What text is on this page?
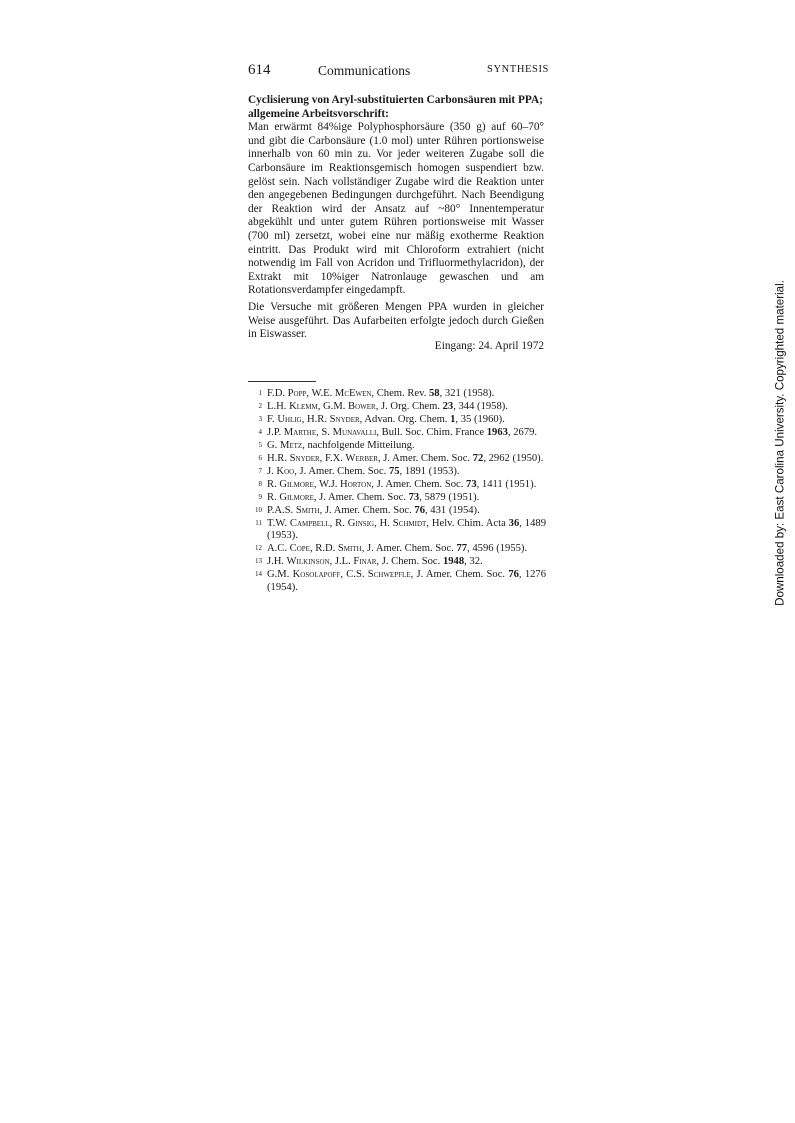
614	Communications	SYNTHESIS

Cyclisierung von Aryl-substituierten Carbonsäuren mit PPA; allgemeine Arbeitsvorschrift:

Man erwärmt 84%ige Polyphosphorsäure (350 g) auf 60–70° und gibt die Carbonsäure (1.0 mol) unter Rühren portionsweise innerhalb von 60 min zu. Vor jeder weiteren Zugabe soll die Carbonsäure im Reaktionsgemisch homogen suspendiert bzw. gelöst sein. Nach vollständiger Zugabe wird die Reaktion unter den angegebenen Bedingungen durchgeführt. Nach Beendigung der Reaktion wird der Ansatz auf ~80° Innentemperatur abgekühlt und unter gutem Rühren portionsweise mit Wasser (700 ml) zersetzt, wobei eine nur mäßig exotherme Reaktion eintritt. Das Produkt wird mit Chloroform extrahiert (nicht notwendig im Fall von Acridon und Trifluormethylacridon), der Extrakt mit 10%iger Natronlauge gewaschen und am Rotationsverdampfer eingedampft.

Die Versuche mit größeren Mengen PPA wurden in gleicher Weise ausgeführt. Das Aufarbeiten erfolgte jedoch durch Gießen in Eiswasser.

Eingang: 24. April 1972
1 F.D. Popp, W.E. McEwen, Chem. Rev. 58, 321 (1958).
2 L.H. Klemm, G.M. Bower, J. Org. Chem. 23, 344 (1958).
3 F. Uhlig, H.R. Snyder, Advan. Org. Chem. 1, 35 (1960).
4 J.P. Marthe, S. Munavalli, Bull. Soc. Chim. France 1963, 2679.
5 G. Metz, nachfolgende Mitteilung.
6 H.R. Snyder, F.X. Werber, J. Amer. Chem. Soc. 72, 2962 (1950).
7 J. Koo, J. Amer. Chem. Soc. 75, 1891 (1953).
8 R. Gilmore, W.J. Horton, J. Amer. Chem. Soc. 73, 1411 (1951).
9 R. Gilmore, J. Amer. Chem. Soc. 73, 5879 (1951).
10 P.A.S. Smith, J. Amer. Chem. Soc. 76, 431 (1954).
11 T.W. Campbell, R. Ginsig, H. Schmidt, Helv. Chim. Acta 36, 1489 (1953).
12 A.C. Cope, R.D. Smith, J. Amer. Chem. Soc. 77, 4596 (1955).
13 J.H. Wilkinson, J.L. Finar, J. Chem. Soc. 1948, 32.
14 G.M. Kosolapoff, C.S. Schwepfle, J. Amer. Chem. Soc. 76, 1276 (1954).	Downloaded by: East Carolina University. Copyrighted material.
